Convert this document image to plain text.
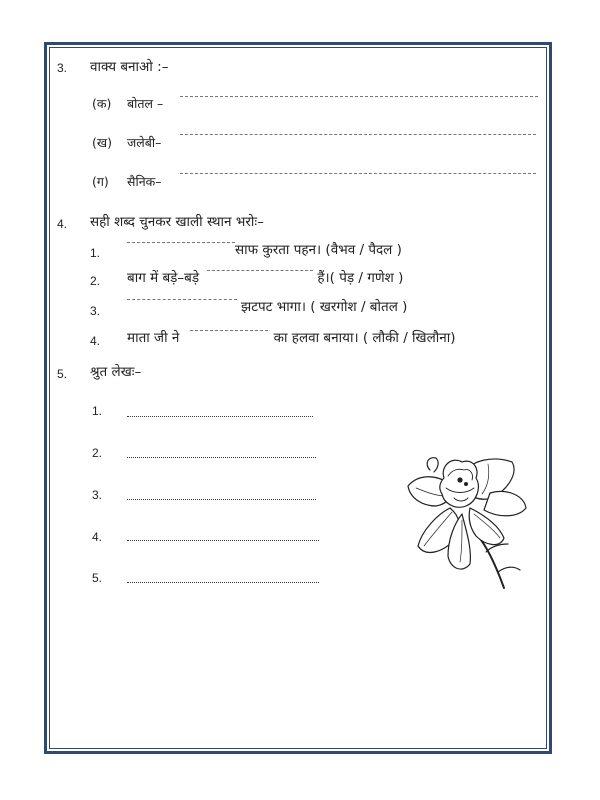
3. वाक्य बनाओ :–
(क) बोतल –
(ख) जलेबी–
(ग) सैनिक–
4. सही शब्द चुनकर खाली स्थान भरोः–
1.	साफ कुरता पहन। (वैभव / पैदल )
2. बाग में बड़े–बड़े	हैं।( पेड़ / गणेश )
3.	झटपट भागा। ( खरगोश / बोतल )
4. माता जी ने	का हलवा बनाया। ( लौकी / खिलौना)
5. श्रुत लेखः–
1.
2.
3.
4.
5.
